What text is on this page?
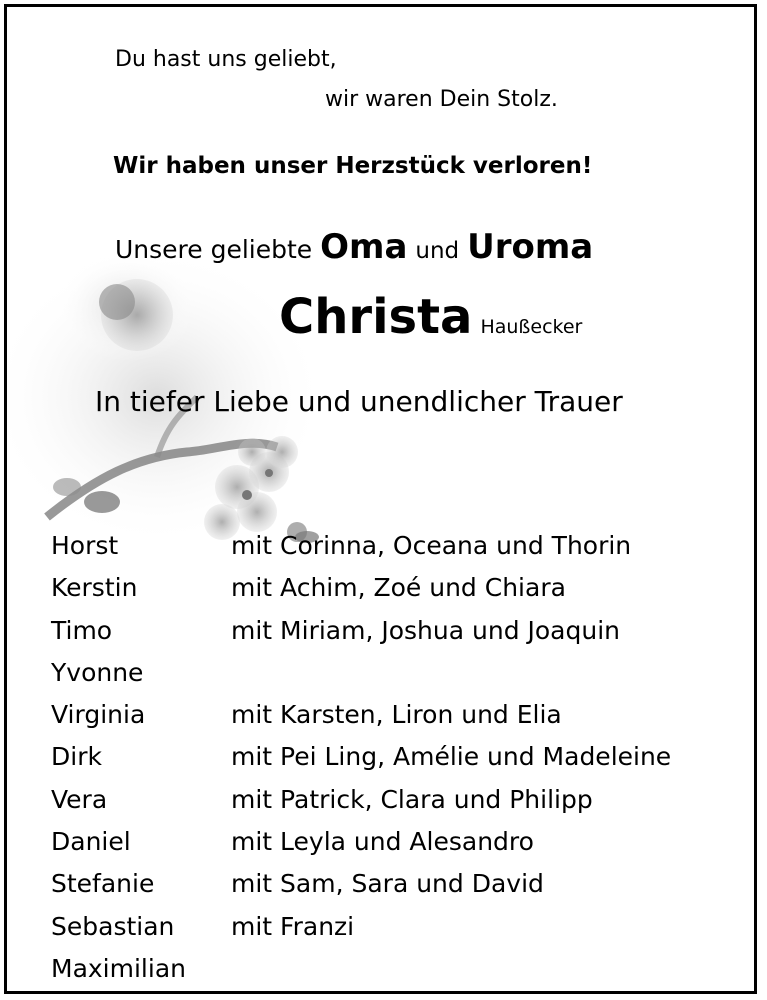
Du hast uns geliebt,
wir waren Dein Stolz.
Wir haben unser Herzstück verloren!
Unsere geliebte Oma und Uroma
Christa Haußecker
In tiefer Liebe und unendlicher Trauer
Horst	mit Corinna, Oceana und Thorin
Kerstin	mit Achim, Zoé und Chiara
Timo	mit Miriam, Joshua und Joaquin
Yvonne
Virginia	mit Karsten, Liron und Elia
Dirk	mit Pei Ling, Amélie und Madeleine
Vera	mit Patrick, Clara und Philipp
Daniel	mit Leyla und Alesandro
Stefanie	mit Sam, Sara und David
Sebastian	mit Franzi
Maximilian
